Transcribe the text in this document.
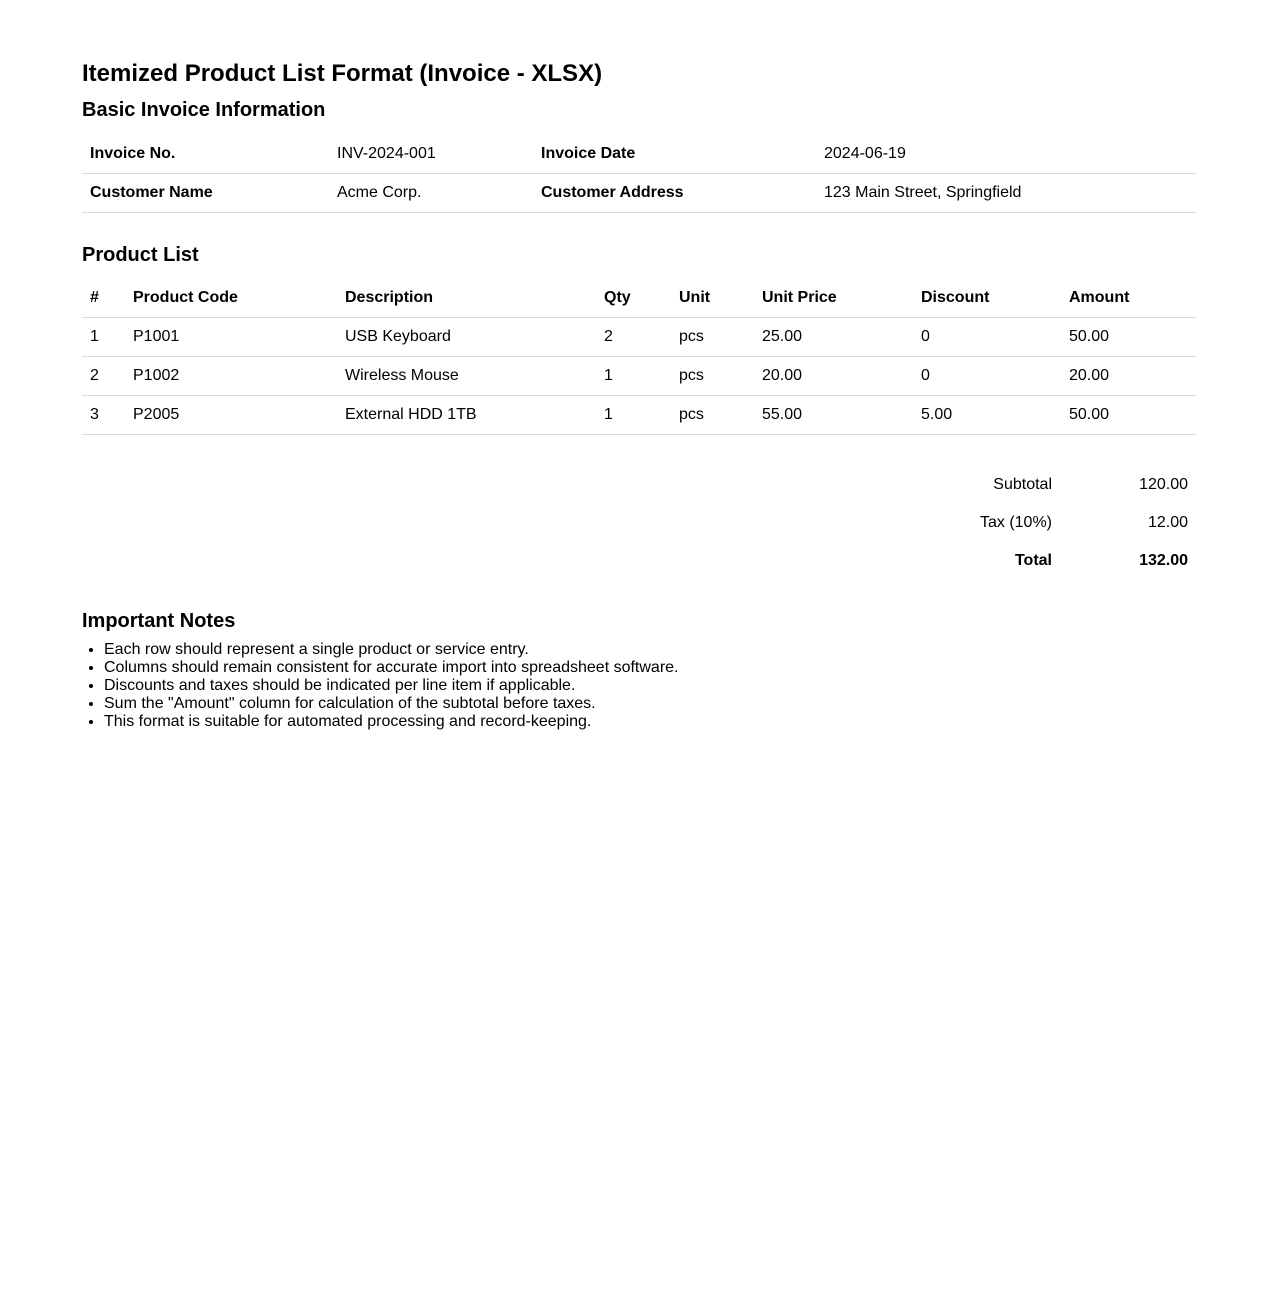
Itemized Product List Format (Invoice - XLSX)
Basic Invoice Information
Invoice No.	INV-2024-001	Invoice Date	2024-06-19
Customer Name	Acme Corp.	Customer Address	123 Main Street, Springfield
Product List
#	Product Code	Description	Qty	Unit	Unit Price	Discount	Amount
1	P1001	USB Keyboard	2	pcs	25.00	0	50.00
2	P1002	Wireless Mouse	1	pcs	20.00	0	20.00
3	P2005	External HDD 1TB	1	pcs	55.00	5.00	50.00
Subtotal	120.00
Tax (10%)	12.00
Total	132.00
Important Notes
• Each row should represent a single product or service entry.
• Columns should remain consistent for accurate import into spreadsheet software.
• Discounts and taxes should be indicated per line item if applicable.
• Sum the "Amount" column for calculation of the subtotal before taxes.
• This format is suitable for automated processing and record-keeping.
